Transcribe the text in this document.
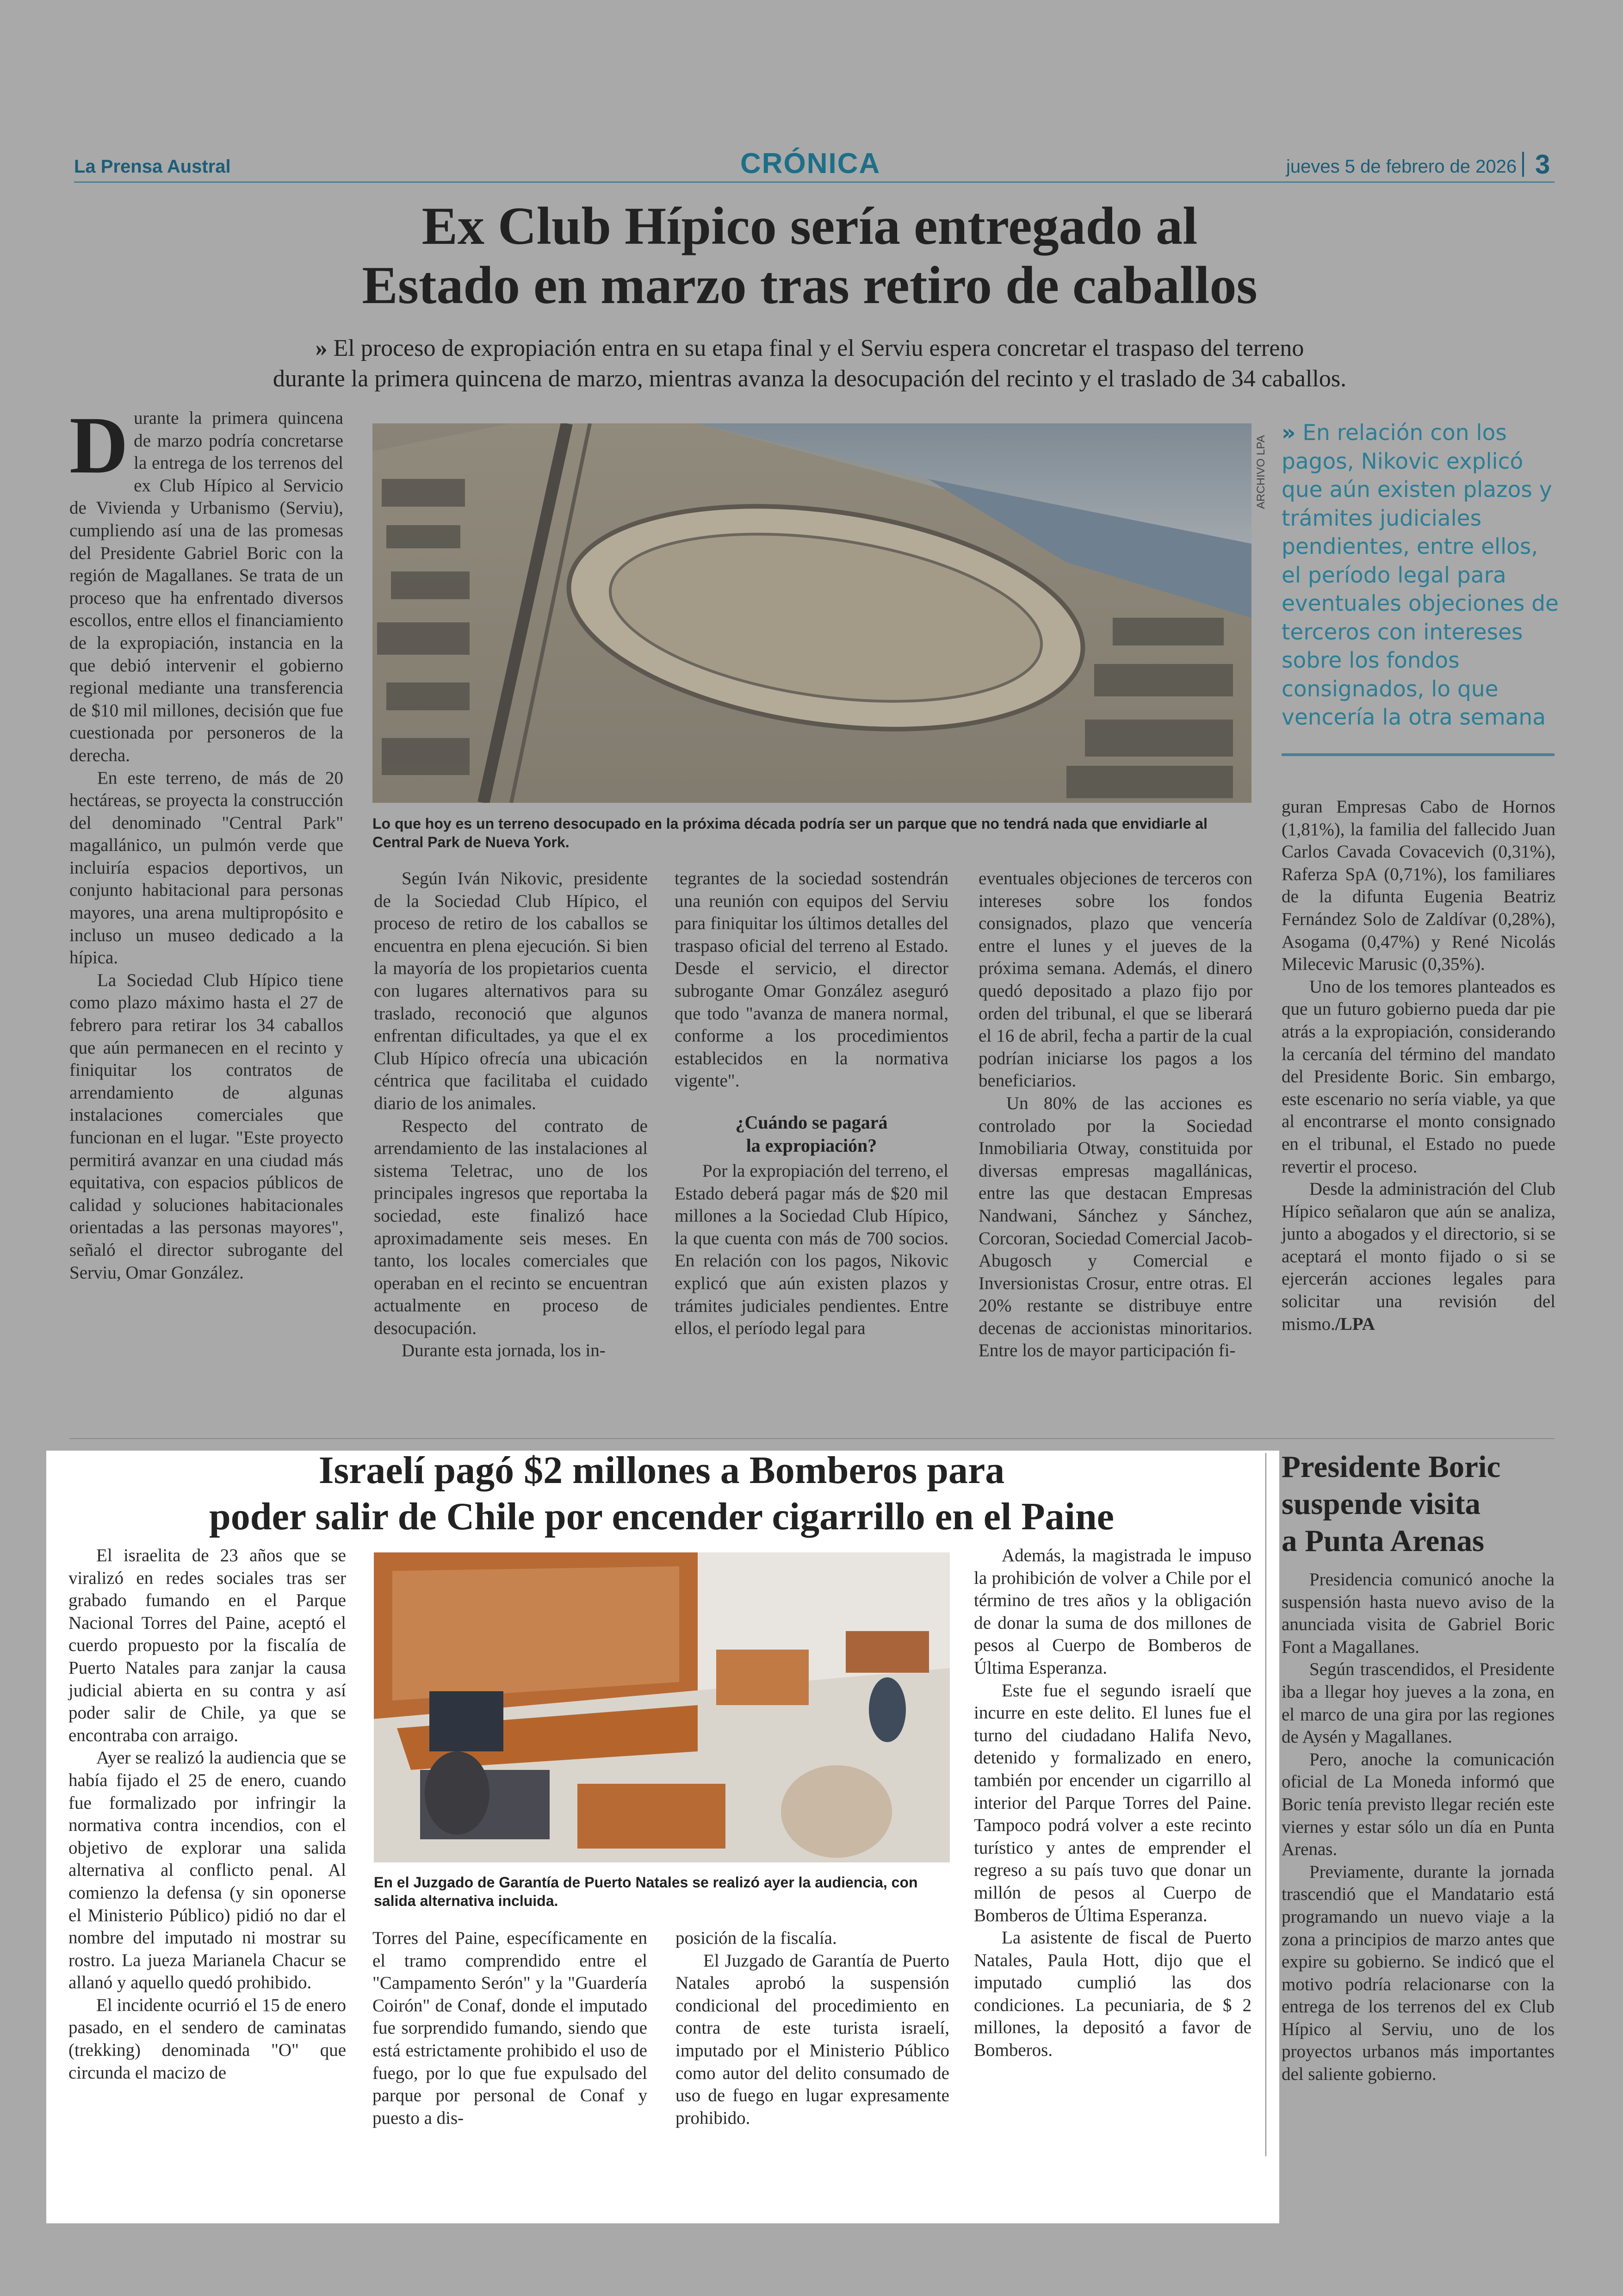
La Prensa Austral	CRÓNICA	jueves 5 de febrero de 2026 3
Ex Club Hípico sería entregado al
Estado en marzo tras retiro de caballos
» El proceso de expropiación entra en su etapa final y el Serviu espera concretar el traspaso del terreno
durante la primera quincena de marzo, mientras avanza la desocupación del recinto y el traslado de 34 caballos.

Durante la primera quincena de marzo podría concretarse la entrega de los terrenos del ex Club Hípico al Servicio de Vivienda y Urbanismo (Serviu), cumpliendo así una de las promesas del Presidente Gabriel Boric con la región de Magallanes. Se trata de un proceso que ha enfrentado diversos escollos, entre ellos el financiamiento de la expropiación, instancia en la que debió intervenir el gobierno regional mediante una transferencia de $10 mil millones, decisión que fue cuestionada por personeros de la derecha.

En este terreno, de más de 20 hectáreas, se proyecta la construcción del denominado "Central Park" magallánico, un pulmón verde que incluiría espacios deportivos, un conjunto habitacional para personas mayores, una arena multipropósito e incluso un museo dedicado a la hípica.

La Sociedad Club Hípico tiene como plazo máximo hasta el 27 de febrero para retirar los 34 caballos que aún permanecen en el recinto y finiquitar los contratos de arrendamiento de algunas instalaciones comerciales que funcionan en el lugar. "Este proyecto permitirá avanzar en una ciudad más equitativa, con espacios públicos de calidad y soluciones habitacionales orientadas a las personas mayores", señaló el director subrogante del Serviu, Omar González.

ARCHIVO LPA
Lo que hoy es un terreno desocupado en la próxima década podría ser un parque que no tendrá nada que envidiarle al Central Park de Nueva York.
» En relación con los pagos, Nikovic explicó que aún existen plazos y trámites judiciales pendientes, entre ellos, el período legal para eventuales objeciones de terceros con intereses sobre los fondos consignados, lo que vencería la otra semana

Según Iván Nikovic, presidente de la Sociedad Club Hípico, el proceso de retiro de los caballos se encuentra en plena ejecución. Si bien la mayoría de los propietarios cuenta con lugares alternativos para su traslado, reconoció que algunos enfrentan dificultades, ya que el ex Club Hípico ofrecía una ubicación céntrica que facilitaba el cuidado diario de los animales.

Respecto del contrato de arrendamiento de las instalaciones al sistema Teletrac, uno de los principales ingresos que reportaba la sociedad, este finalizó hace aproximadamente seis meses. En tanto, los locales comerciales que operaban en el recinto se encuentran actualmente en proceso de desocupación.

Durante esta jornada, los in-

tegrantes de la sociedad sostendrán una reunión con equipos del Serviu para finiquitar los últimos detalles del traspaso oficial del terreno al Estado. Desde el servicio, el director subrogante Omar González aseguró que todo "avanza de manera normal, conforme a los procedimientos establecidos en la normativa vigente".

¿Cuándo se pagará
la expropiación?

Por la expropiación del terreno, el Estado deberá pagar más de $20 mil millones a la Sociedad Club Hípico, la que cuenta con más de 700 socios. En relación con los pagos, Nikovic explicó que aún existen plazos y trámites judiciales pendientes. Entre ellos, el período legal para

eventuales objeciones de terceros con intereses sobre los fondos consignados, plazo que vencería entre el lunes y el jueves de la próxima semana. Además, el dinero quedó depositado a plazo fijo por orden del tribunal, el que se liberará el 16 de abril, fecha a partir de la cual podrían iniciarse los pagos a los beneficiarios.

Un 80% de las acciones es controlado por la Sociedad Inmobiliaria Otway, constituida por diversas empresas magallánicas, entre las que destacan Empresas Nandwani, Sánchez y Sánchez, Corcoran, Sociedad Comercial Jacob-Abugosch y Comercial e Inversionistas Crosur, entre otras. El 20% restante se distribuye entre decenas de accionistas minoritarios. Entre los de mayor participación fi-

guran Empresas Cabo de Hornos (1,81%), la familia del fallecido Juan Carlos Cavada Covacevich (0,31%), Raferza SpA (0,71%), los familiares de la difunta Eugenia Beatriz Fernández Solo de Zaldívar (0,28%), Asogama (0,47%) y René Nicolás Milecevic Marusic (0,35%).

Uno de los temores planteados es que un futuro gobierno pueda dar pie atrás a la expropiación, considerando la cercanía del término del mandato del Presidente Boric. Sin embargo, este escenario no sería viable, ya que al encontrarse el monto consignado en el tribunal, el Estado no puede revertir el proceso.

Desde la administración del Club Hípico señalaron que aún se analiza, junto a abogados y el directorio, si se aceptará el monto fijado o si se ejercerán acciones legales para solicitar una revisión del mismo./LPA

Israelí pagó $2 millones a Bomberos para
poder salir de Chile por encender cigarrillo en el Paine

El israelita de 23 años que se viralizó en redes sociales tras ser grabado fumando en el Parque Nacional Torres del Paine, aceptó el cuerdo propuesto por la fiscalía de Puerto Natales para zanjar la causa judicial abierta en su contra y así poder salir de Chile, ya que se encontraba con arraigo.

Ayer se realizó la audiencia que se había fijado el 25 de enero, cuando fue formalizado por infringir la normativa contra incendios, con el objetivo de explorar una salida alternativa al conflicto penal. Al comienzo la defensa (y sin oponerse el Ministerio Público) pidió no dar el nombre del imputado ni mostrar su rostro. La jueza Marianela Chacur se allanó y aquello quedó prohibido.

El incidente ocurrió el 15 de enero pasado, en el sendero de caminatas (trekking) denominada "O" que circunda el macizo de

En el Juzgado de Garantía de Puerto Natales se realizó ayer la audiencia, con salida alternativa incluida.

Torres del Paine, específicamente en el tramo comprendido entre el "Campamento Serón" y la "Guardería Coirón" de Conaf, donde el imputado fue sorprendido fumando, siendo que está estrictamente prohibido el uso de fuego, por lo que fue expulsado del parque por personal de Conaf y puesto a dis-

posición de la fiscalía.

El Juzgado de Garantía de Puerto Natales aprobó la suspensión condicional del procedimiento en contra de este turista israelí, imputado por el Ministerio Público como autor del delito consumado de uso de fuego en lugar expresamente prohibido.

Además, la magistrada le impuso la prohibición de volver a Chile por el término de tres años y la obligación de donar la suma de dos millones de pesos al Cuerpo de Bomberos de Última Esperanza.

Este fue el segundo israelí que incurre en este delito. El lunes fue el turno del ciudadano Halifa Nevo, detenido y formalizado en enero, también por encender un cigarrillo al interior del Parque Torres del Paine. Tampoco podrá volver a este recinto turístico y antes de emprender el regreso a su país tuvo que donar un millón de pesos al Cuerpo de Bomberos de Última Esperanza.

La asistente de fiscal de Puerto Natales, Paula Hott, dijo que el imputado cumplió las dos condiciones. La pecuniaria, de $ 2 millones, la depositó a favor de Bomberos.

Presidente Boric
suspende visita
a Punta Arenas

Presidencia comunicó anoche la suspensión hasta nuevo aviso de la anunciada visita de Gabriel Boric Font a Magallanes.

Según trascendidos, el Presidente iba a llegar hoy jueves a la zona, en el marco de una gira por las regiones de Aysén y Magallanes.

Pero, anoche la comunicación oficial de La Moneda informó que Boric tenía previsto llegar recién este viernes y estar sólo un día en Punta Arenas.

Previamente, durante la jornada trascendió que el Mandatario está programando un nuevo viaje a la zona a principios de marzo antes que expire su gobierno. Se indicó que el motivo podría relacionarse con la entrega de los terrenos del ex Club Hípico al Serviu, uno de los proyectos urbanos más importantes del saliente gobierno.
